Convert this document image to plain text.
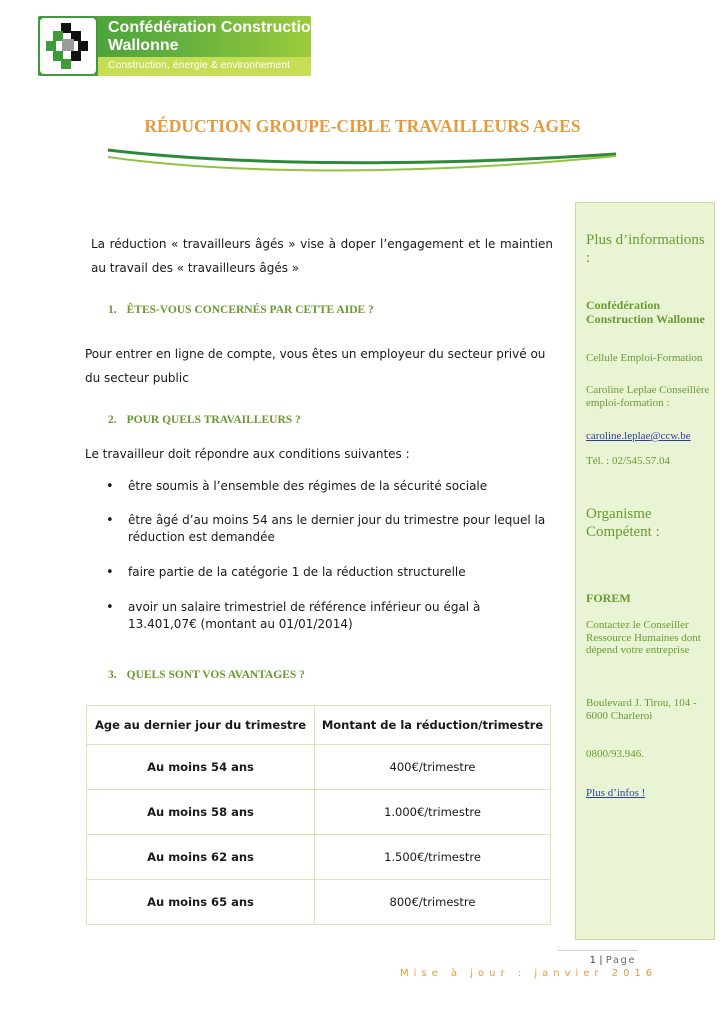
Confédération Construction
Wallonne
Construction, énergie & environnement
RÉDUCTION GROUPE-CIBLE TRAVAILLEURS AGES
La réduction « travailleurs âgés » vise à doper l’engagement et le maintien au travail des « travailleurs âgés »
1. ÊTES-VOUS CONCERNÉS PAR CETTE AIDE ?
Pour entrer en ligne de compte, vous êtes un employeur du secteur privé ou du secteur public
2. POUR QUELS TRAVAILLEURS ?
Le travailleur doit répondre aux conditions suivantes :
• être soumis à l’ensemble des régimes de la sécurité sociale
• être âgé d’au moins 54 ans le dernier jour du trimestre pour lequel la réduction est demandée
• faire partie de la catégorie 1 de la réduction structurelle
• avoir un salaire trimestriel de référence inférieur ou égal à 13.401,07€ (montant au 01/01/2014)
3. QUELS SONT VOS AVANTAGES ?
Age au dernier jour du trimestre	Montant de la réduction/trimestre
Au moins 54 ans	400€/trimestre
Au moins 58 ans	1.000€/trimestre
Au moins 62 ans	1.500€/trimestre
Au moins 65 ans	800€/trimestre
Plus d’informations :
Confédération Construction Wallonne
Cellule Emploi-Formation
Caroline Leplae Conseillère emploi-formation :
caroline.leplae@ccw.be
Tél. : 02/545.57.04
Organisme Compétent :
FOREM
Contactez le Conseiller Ressource Humaines dont dépend votre entreprise
Boulevard J. Tirou, 104 - 6000 Charleroi
0800/93.946.
Plus d’infos !
1 | Page
Mise à jour : janvier 2016
